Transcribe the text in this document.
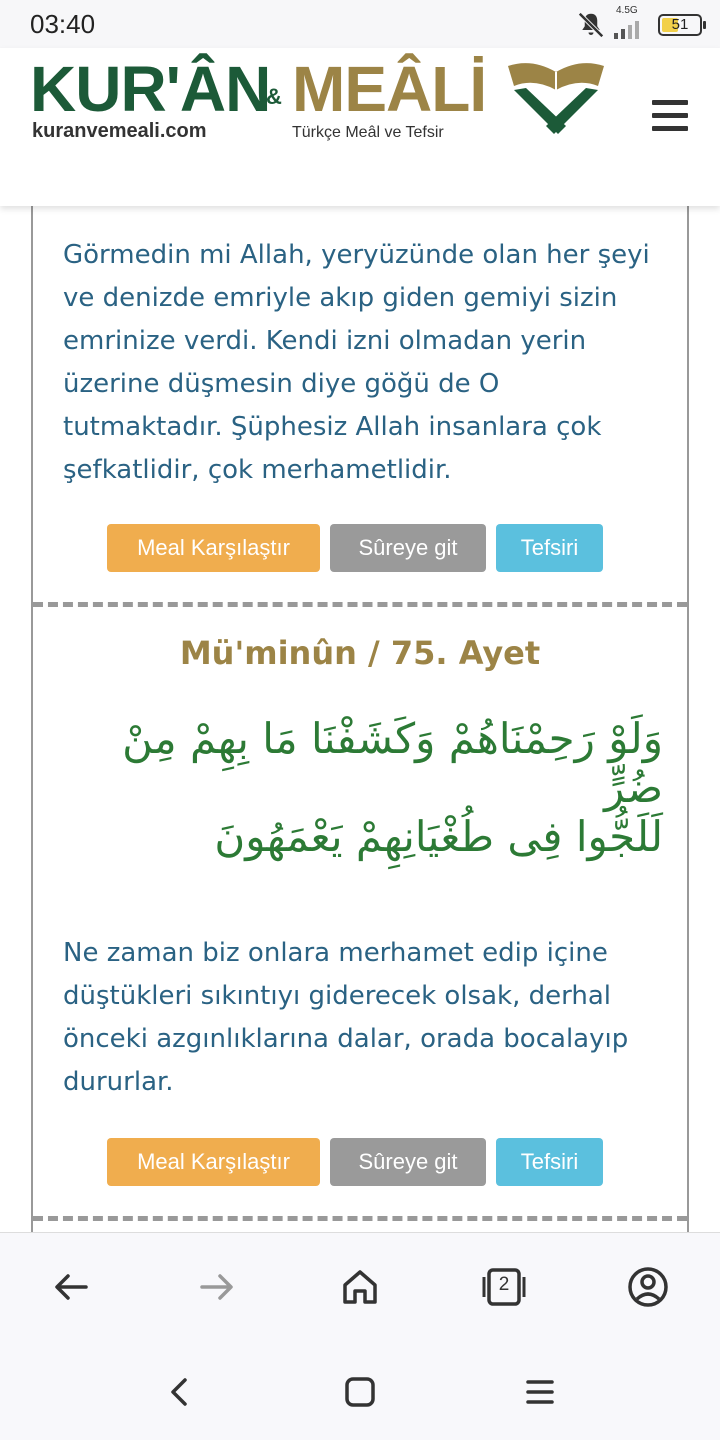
03:40	4.5G
51
KUR'ÂN
& MEÂLİ
kuranvemeali.com	Türkçe Meâl ve Tefsir
Görmedin mi Allah, yeryüzünde olan her şeyi ve denizde emriyle akıp giden gemiyi sizin emrinize verdi. Kendi izni olmadan yerin üzerine düşmesin diye göğü de O tutmaktadır. Şüphesiz Allah insanlara çok şefkatlidir, çok merhametlidir.
Meal Karşılaştır	Sûreye git	Tefsiri
Mü'minûn / 75. Ayet
وَلَوْ رَحِمْنَاهُمْ وَكَشَفْنَا مَا بِهِمْ مِنْ ضُرٍّ
لَلَجُّوا فِى طُغْيَانِهِمْ يَعْمَهُونَ
Ne zaman biz onlara merhamet edip içine düştükleri sıkıntıyı giderecek olsak, derhal önceki azgınlıklarına dalar, orada bocalayıp dururlar.
Meal Karşılaştır	Sûreye git	Tefsiri
2
